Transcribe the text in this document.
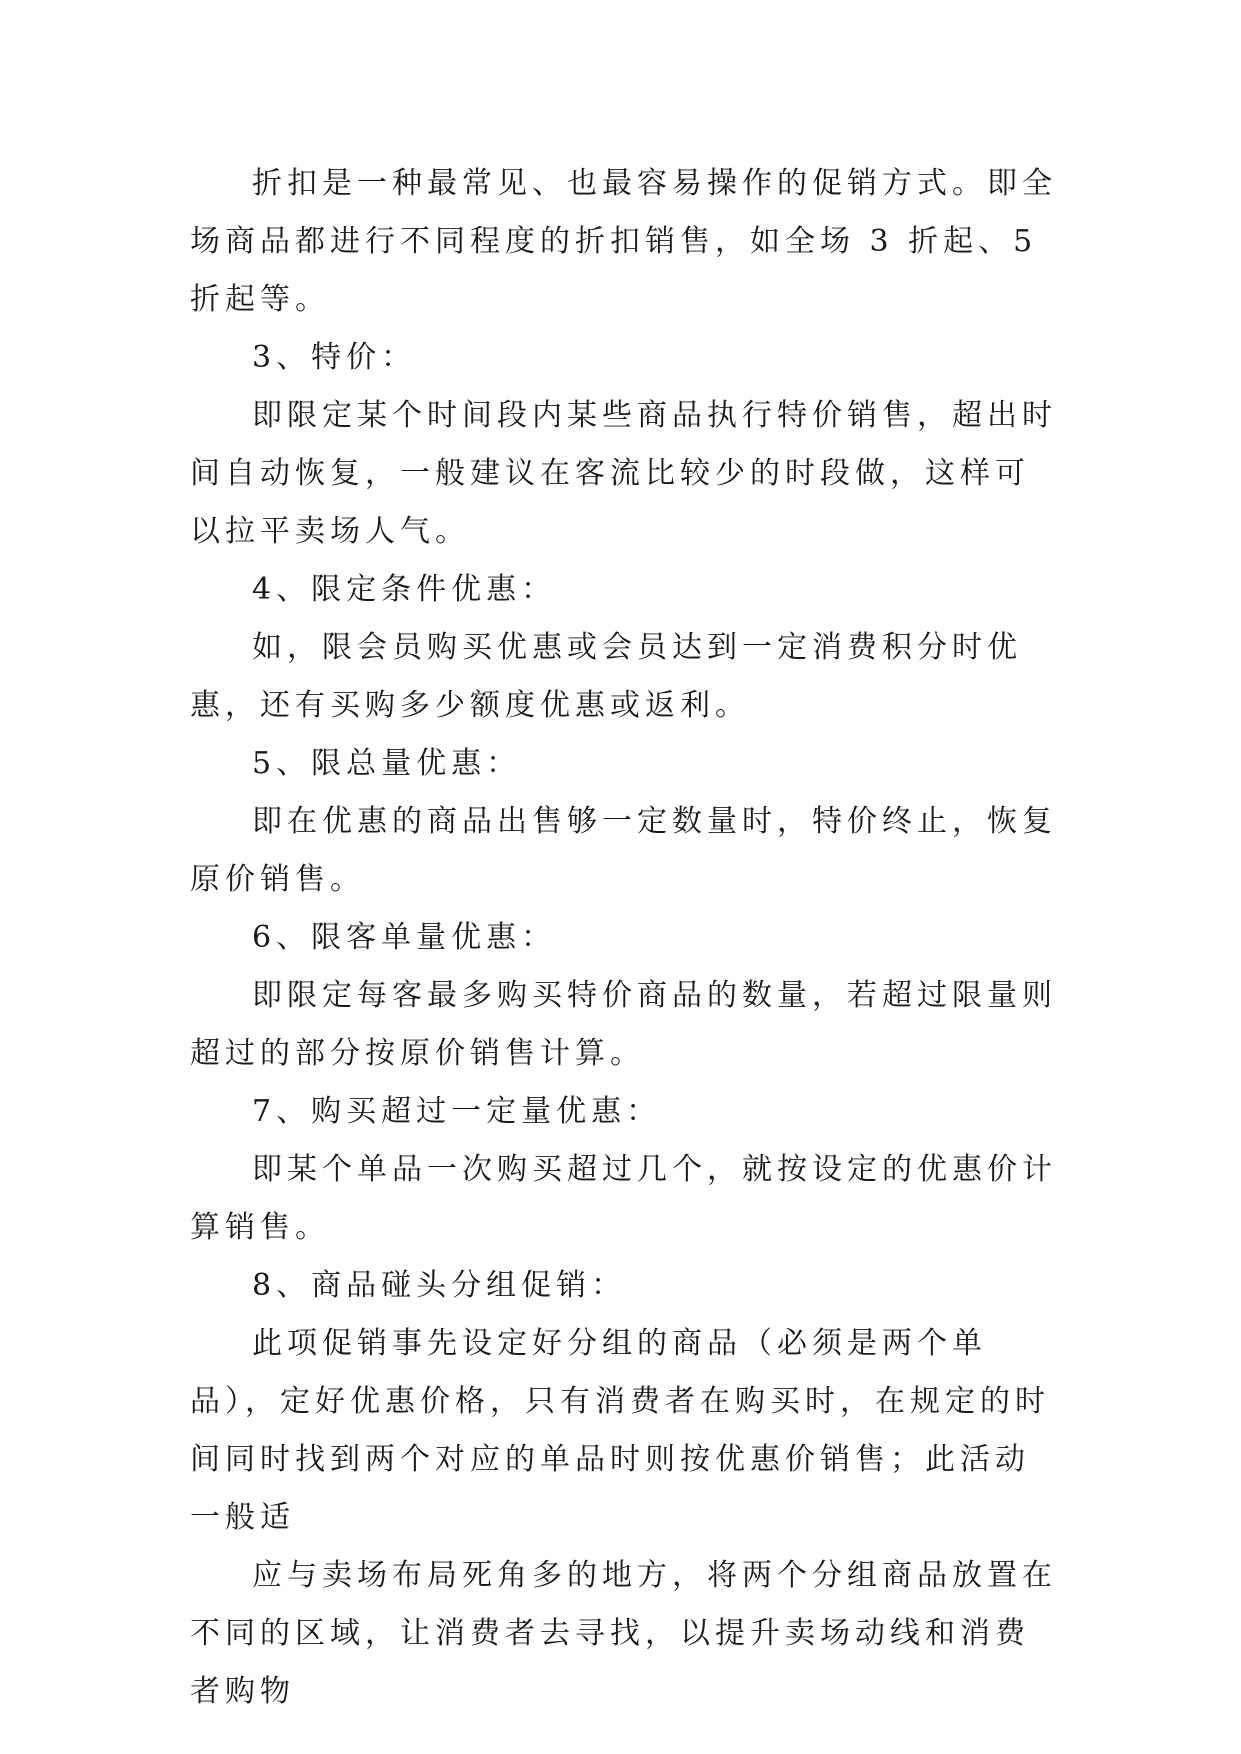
折扣是一种最常见、也最容易操作的促销方式。即全场商品都进行不同程度的折扣销售，如全场 3 折起、5 折起等。

3、特价：

即限定某个时间段内某些商品执行特价销售，超出时间自动恢复，一般建议在客流比较少的时段做，这样可以拉平卖场人气。

4、限定条件优惠：

如，限会员购买优惠或会员达到一定消费积分时优惠，还有买购多少额度优惠或返利。

5、限总量优惠：

即在优惠的商品出售够一定数量时，特价终止，恢复原价销售。

6、限客单量优惠：

即限定每客最多购买特价商品的数量，若超过限量则超过的部分按原价销售计算。

7、购买超过一定量优惠：

即某个单品一次购买超过几个，就按设定的优惠价计算销售。

8、商品碰头分组促销：

此项促销事先设定好分组的商品（必须是两个单品），定好优惠价格，只有消费者在购买时，在规定的时间同时找到两个对应的单品时则按优惠价销售；此活动一般适

应与卖场布局死角多的地方，将两个分组商品放置在不同的区域，让消费者去寻找，以提升卖场动线和消费者购物
